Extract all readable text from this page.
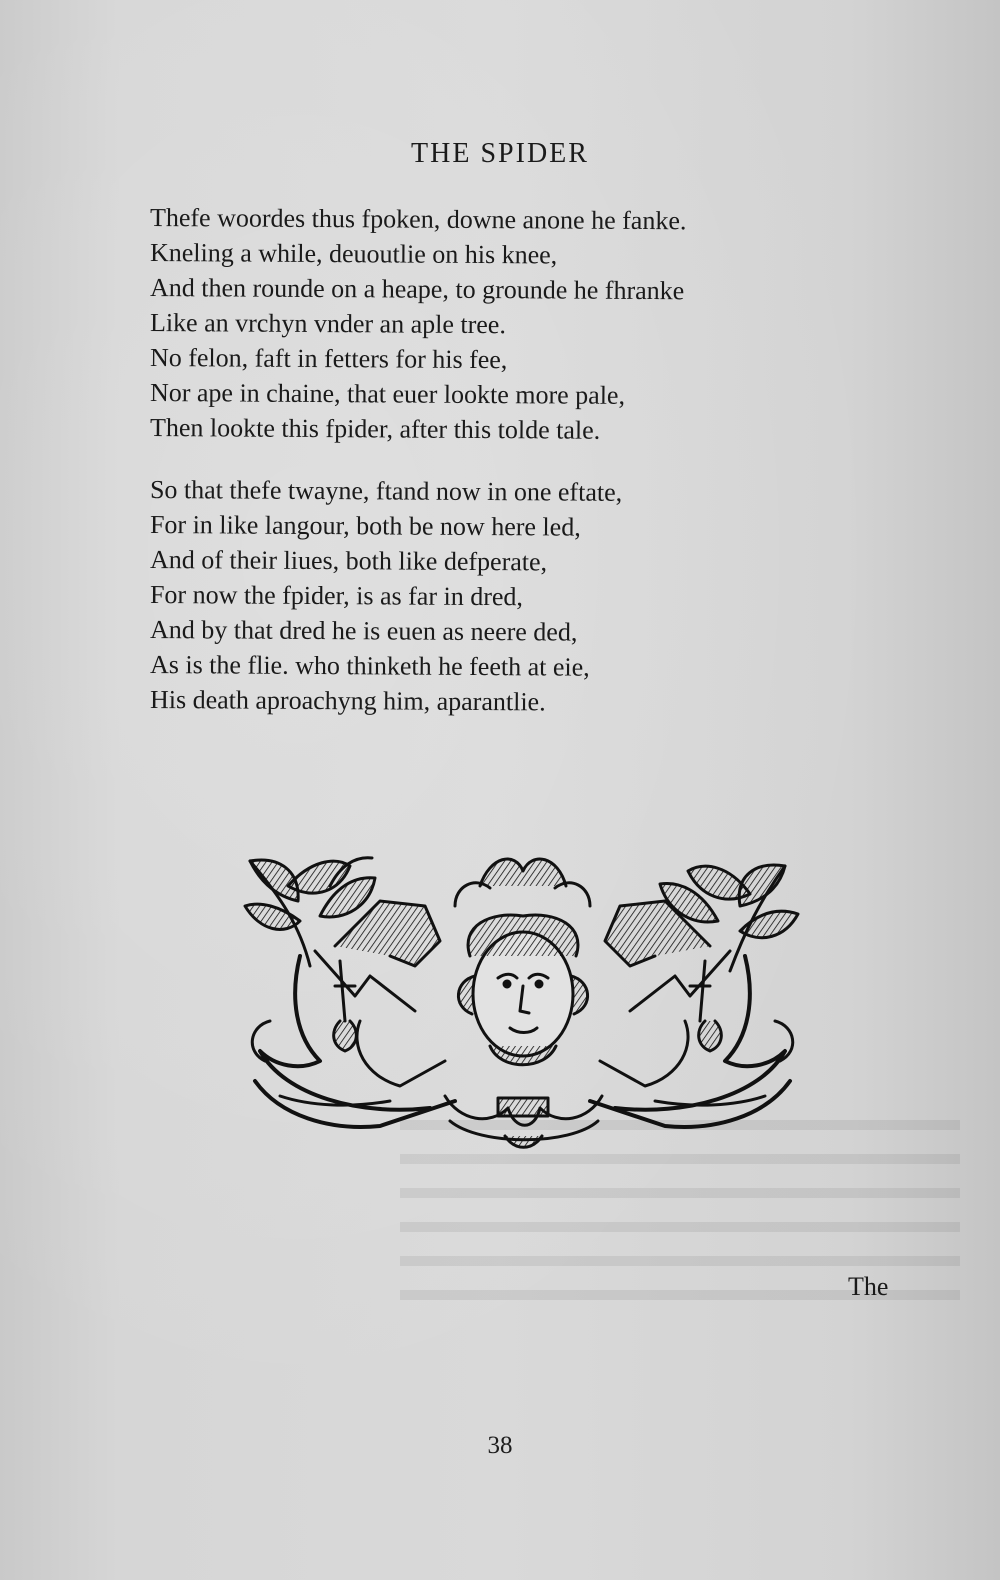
THE SPIDER
Thefe woordes thus fpoken, downe anone he fanke.
Kneling a while, deuoutlie on his knee,
And then rounde on a heape, to grounde he fhranke
Like an vrchyn vnder an aple tree.
No felon, faft in fetters for his fee,
Nor ape in chaine, that euer lookte more pale,
Then lookte this fpider, after this tolde tale.
So that thefe twayne, ftand now in one eftate,
For in like langour, both be now here led,
And of their liues, both like defperate,
For now the fpider, is as far in dred,
And by that dred he is euen as neere ded,
As is the flie. who thinketh he feeth at eie,
His death aproachyng him, aparantlie.
The
38
